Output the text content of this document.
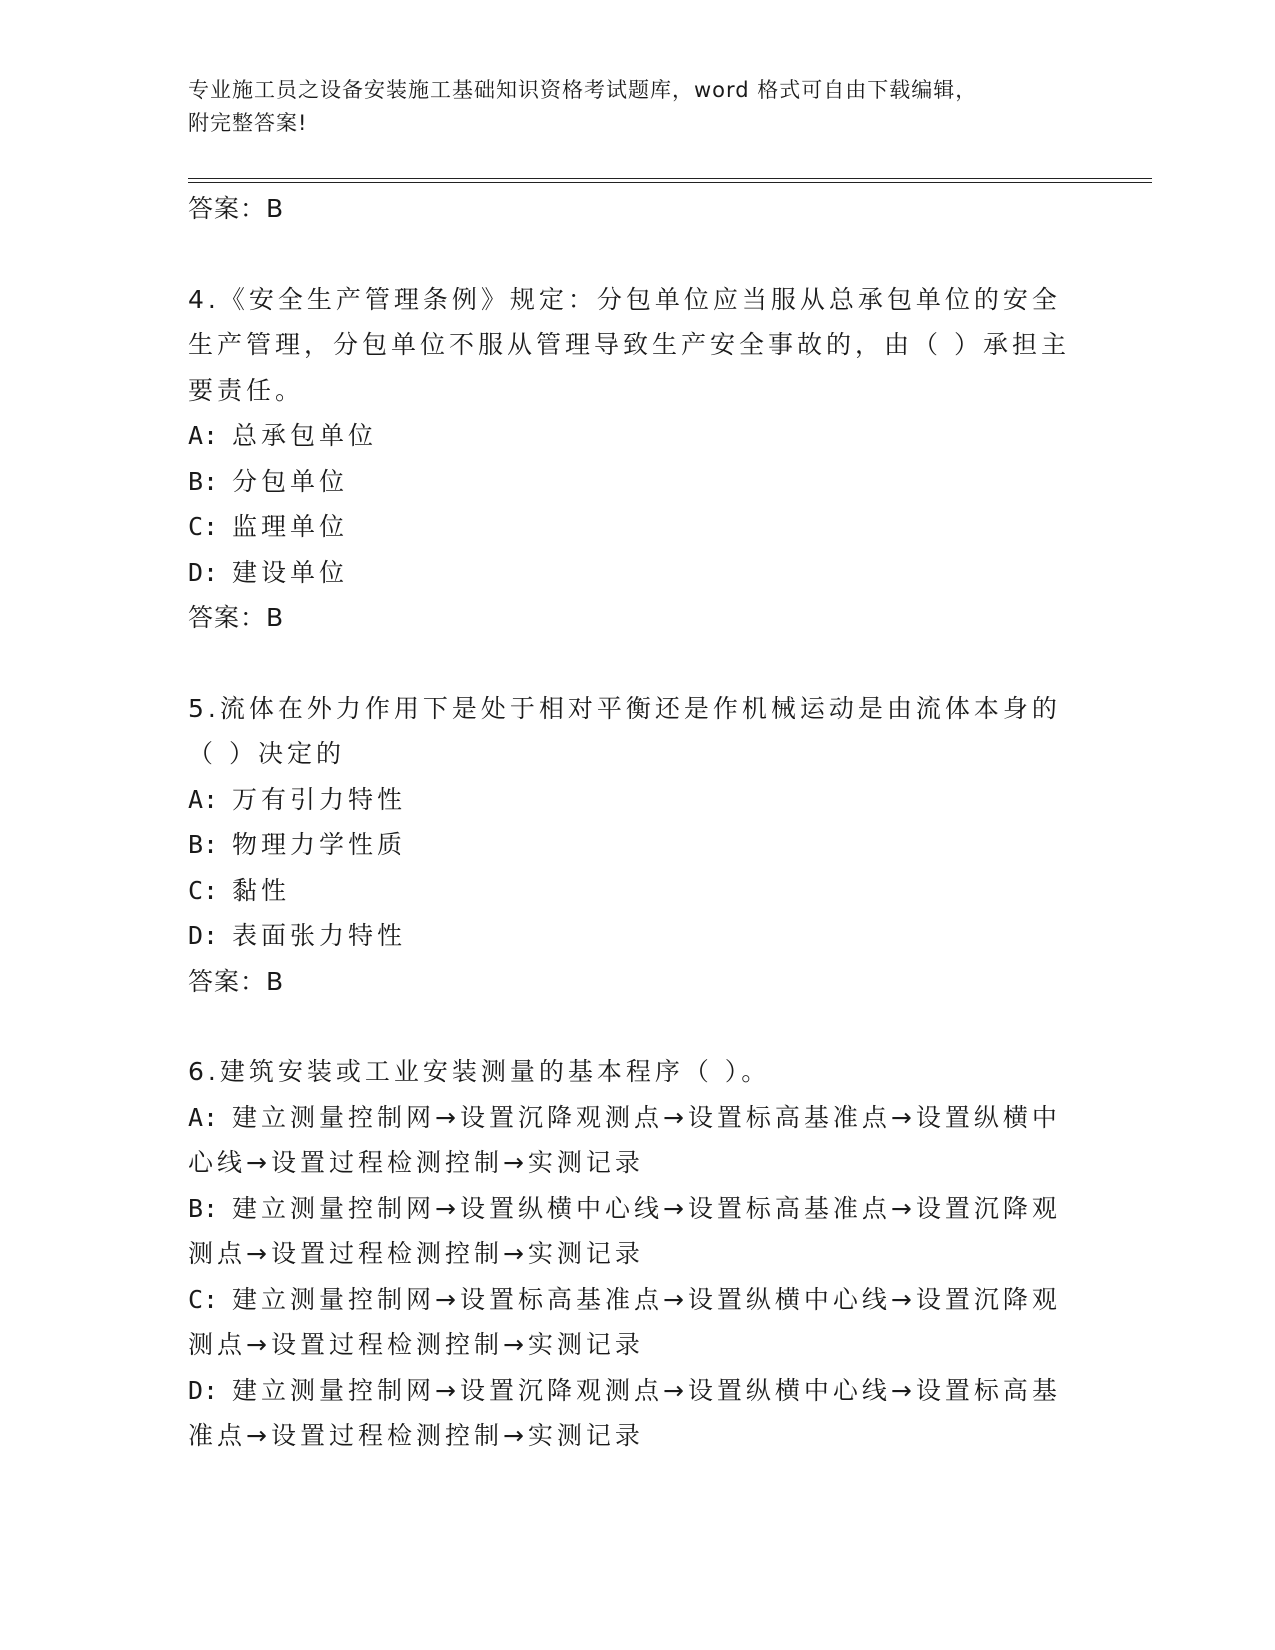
专业施工员之设备安装施工基础知识资格考试题库，word 格式可自由下载编辑，
附完整答案!
答案：B
4.《安全生产管理条例》规定：分包单位应当服从总承包单位的安全
生产管理，分包单位不服从管理导致生产安全事故的，由（ ）承担主
要责任。
A: 总承包单位
B: 分包单位
C: 监理单位
D: 建设单位
答案：B
5.流体在外力作用下是处于相对平衡还是作机械运动是由流体本身的
（ ）决定的
A: 万有引力特性
B: 物理力学性质
C: 黏性
D: 表面张力特性
答案：B
6.建筑安装或工业安装测量的基本程序（ ）。
A: 建立测量控制网→设置沉降观测点→设置标高基准点→设置纵横中
心线→设置过程检测控制→实测记录
B: 建立测量控制网→设置纵横中心线→设置标高基准点→设置沉降观
测点→设置过程检测控制→实测记录
C: 建立测量控制网→设置标高基准点→设置纵横中心线→设置沉降观
测点→设置过程检测控制→实测记录
D: 建立测量控制网→设置沉降观测点→设置纵横中心线→设置标高基
准点→设置过程检测控制→实测记录
